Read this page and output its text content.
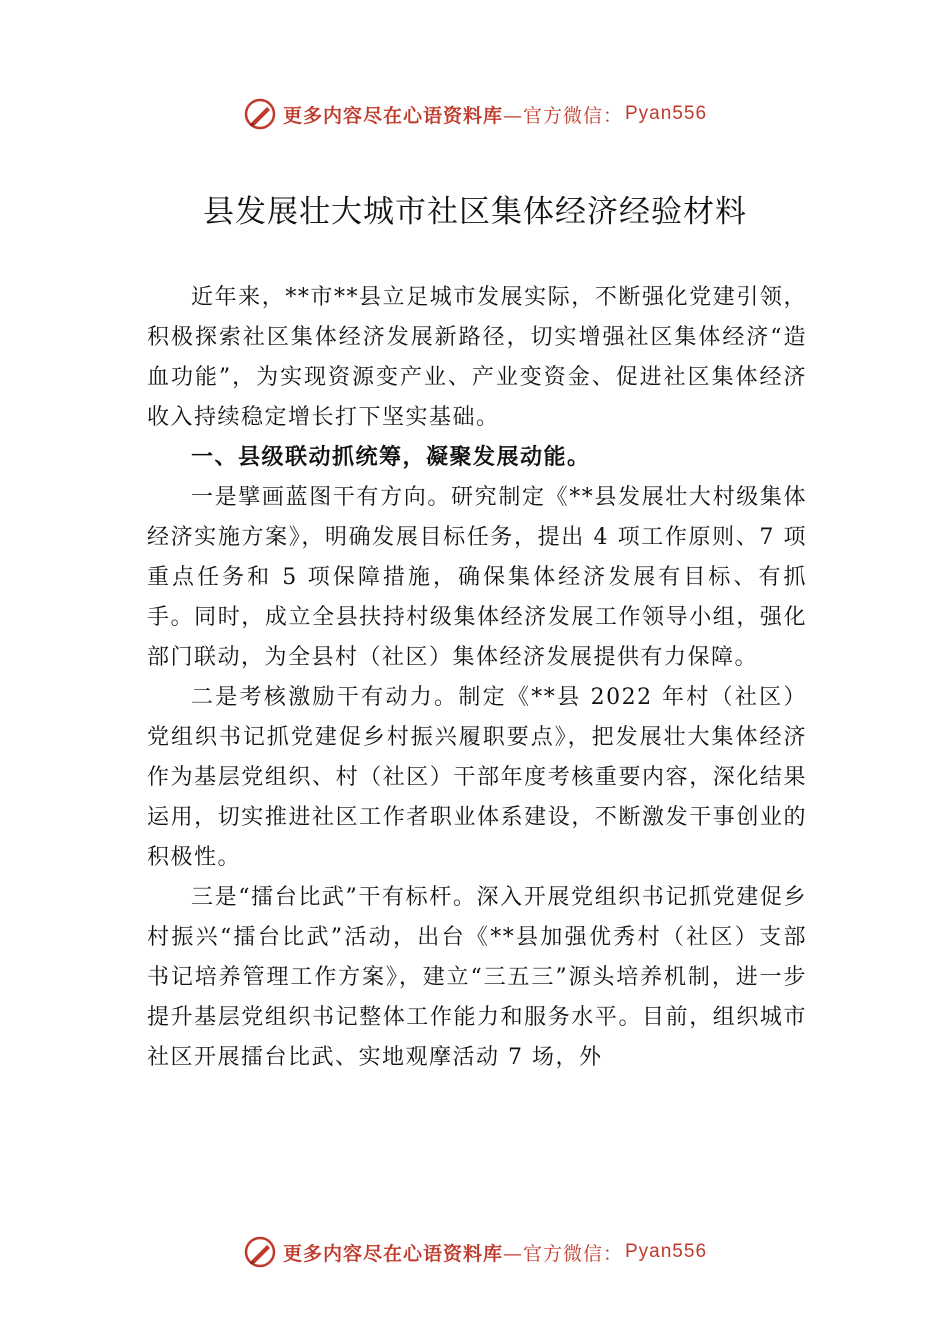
更多内容尽在心语资料库 —官方微信： Pyan556
县发展壮大城市社区集体经济经验材料

近年来，**市**县立足城市发展实际，不断强化党建引领，积极探索社区集体经济发展新路径，切实增强社区集体经济“造血功能”，为实现资源变产业、产业变资金、促进社区集体经济收入持续稳定增长打下坚实基础。

一、县级联动抓统筹，凝聚发展动能。

一是擘画蓝图干有方向。研究制定《**县发展壮大村级集体经济实施方案》，明确发展目标任务，提出 4 项工作原则、7 项重点任务和 5 项保障措施，确保集体经济发展有目标、有抓手。同时，成立全县扶持村级集体经济发展工作领导小组，强化部门联动，为全县村（社区）集体经济发展提供有力保障。

二是考核激励干有动力。制定《**县 2022 年村（社区）党组织书记抓党建促乡村振兴履职要点》，把发展壮大集体经济作为基层党组织、村（社区）干部年度考核重要内容，深化结果运用，切实推进社区工作者职业体系建设，不断激发干事创业的积极性。

三是“擂台比武”干有标杆。深入开展党组织书记抓党建促乡村振兴“擂台比武”活动，出台《**县加强优秀村（社区）支部书记培养管理工作方案》，建立“三五三”源头培养机制，进一步提升基层党组织书记整体工作能力和服务水平。目前，组织城市社区开展擂台比武、实地观摩活动 7 场，外

更多内容尽在心语资料库 —官方微信： Pyan556
